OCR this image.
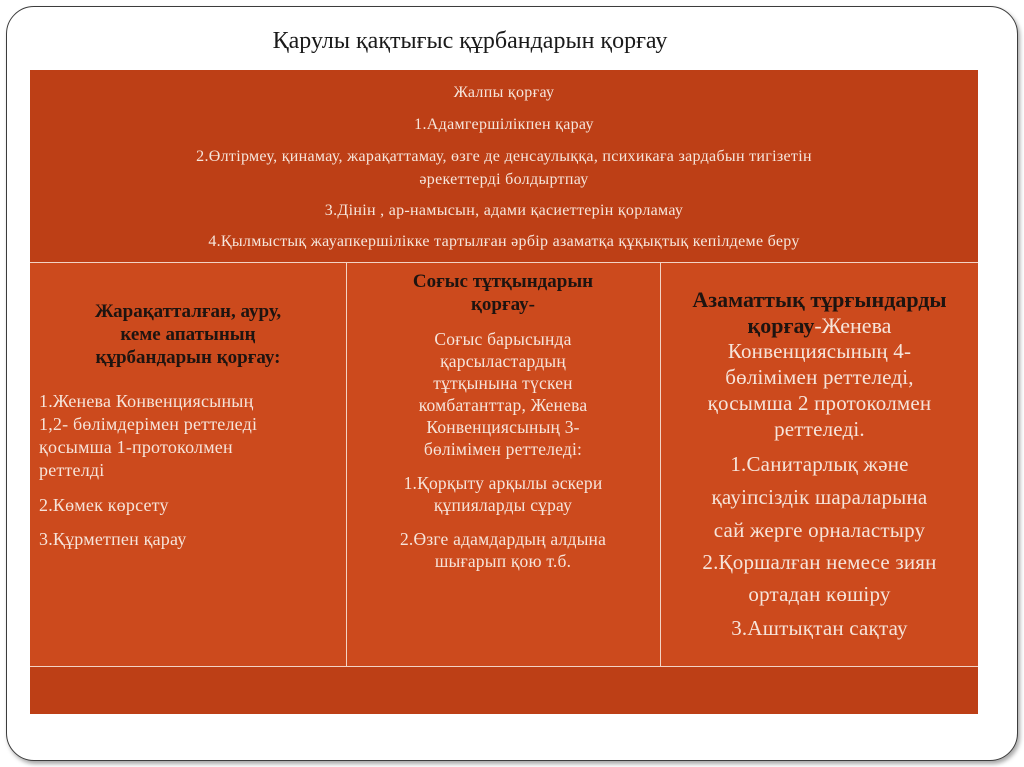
Қарулы қақтығыс құрбандарын қорғау
Жалпы қорғау
1.Адамгершілікпен қарау
2.Өлтірмеу, қинамау, жарақаттамау, өзге де денсаулыққа, психикаға зардабын тигізетін
әрекеттерді болдыртпау
3.Дінін , ар-намысын, адами қасиеттерін қорламау
4.Қылмыстық жауапкершілікке тартылған әрбір азаматқа құқықтық кепілдеме беру
Жарақатталған, ауру,
кеме апатының
құрбандарын қорғау:
1.Женева Конвенциясының
1,2- бөлімдерімен реттеледі
қосымша 1-протоколмен
реттелді
2.Көмек көрсету
3.Құрметпен қарау
Соғыс тұтқындарын
қорғау-
Соғыс барысында
қарсыластардың
тұтқынына түскен
комбатанттар, Женева
Конвенциясының 3-
бөлімімен реттеледі:
1.Қорқыту арқылы әскери
құпияларды сұрау
2.Өзге адамдардың алдына
шығарып қою т.б.
Азаматтық тұрғындарды
қорғау-Женева
Конвенциясының 4-
бөлімімен реттеледі,
қосымша 2 протоколмен
реттеледі.
1.Санитарлық және
қауіпсіздік шараларына
сай жерге орналастыру
2.Қоршалған немесе зиян
ортадан көшіру
3.Аштықтан сақтау
